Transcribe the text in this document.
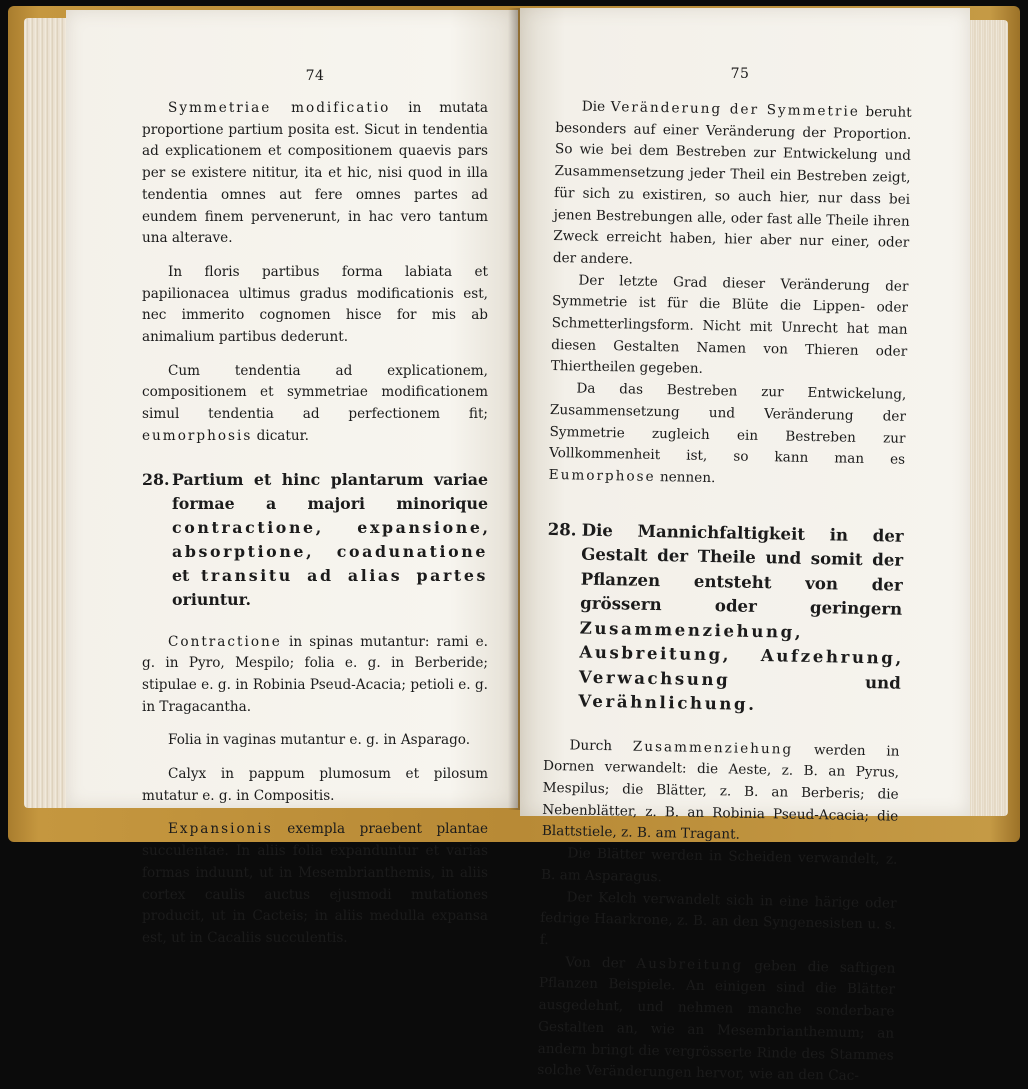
74

Symmetriae modificatio in mutata proportione partium posita est. Sicut in tendentia ad explicationem et compositionem quaevis pars per se existere nititur, ita et hic, nisi quod in illa tendentia omnes aut fere omnes partes ad eundem finem pervenerunt, in hac vero tantum una alterave.

In floris partibus forma labiata et papilionacea ultimus gradus modificationis est, nec immerito cognomen hisce for mis ab animalium partibus dederunt.

Cum tendentia ad explicationem, compositionem et symmetriae modificationem simul tendentia ad perfectionem fit; eumorphosis dicatur.

28. Partium et hinc plantarum variae formae a majori minorique contractione, expansione, absorptione, coadunatione et transitu ad alias partes oriuntur.

Contractione in spinas mutantur: rami e. g. in Pyro, Mespilo; folia e. g. in Berberide; stipulae e. g. in Robinia Pseud-Acacia; petioli e. g. in Tragacantha.

Folia in vaginas mutantur e. g. in Asparago.

Calyx in pappum plumosum et pilosum mutatur e. g. in Compositis.

Expansionis exempla praebent plantae succulentae. In aliis folia expanduntur et varias formas induunt, ut in Mesembrianthemis, in aliis cortex caulis auctus ejusmodi mutationes producit, ut in Cacteis; in aliis medulla expansa est, ut in Cacaliis succulentis.

75

Die Veränderung der Symmetrie beruht besonders auf einer Veränderung der Proportion. So wie bei dem Bestreben zur Entwickelung und Zusammensetzung jeder Theil ein Bestreben zeigt, für sich zu existiren, so auch hier, nur dass bei jenen Bestrebungen alle, oder fast alle Theile ihren Zweck erreicht haben, hier aber nur einer, oder der andere.

Der letzte Grad dieser Veränderung der Symmetrie ist für die Blüte die Lippen- oder Schmetterlingsform. Nicht mit Unrecht hat man diesen Gestalten Namen von Thieren oder Thiertheilen gegeben.

Da das Bestreben zur Entwickelung, Zusammensetzung und Veränderung der Symmetrie zugleich ein Bestreben zur Vollkommenheit ist, so kann man es Eumorphose nennen.

28. Die Mannichfaltigkeit in der Gestalt der Theile und somit der Pflanzen entsteht von der grössern oder geringern Zusammenziehung, Ausbreitung, Aufzehrung, Verwachsung und Verähnlichung.

Durch Zusammenziehung werden in Dornen verwandelt: die Aeste, z. B. an Pyrus, Mespilus; die Blätter, z. B. an Berberis; die Nebenblätter, z. B. an Robinia Pseud-Acacia; die Blattstiele, z. B. am Tragant.

Die Blätter werden in Scheiden verwandelt, z. B. am Asparagus.

Der Kelch verwandelt sich in eine härige oder fedrige Haarkrone, z. B. an den Syngenesisten u. s. f.

Von der Ausbreitung geben die saftigen Pflanzen Beispiele. An einigen sind die Blätter ausgedehnt, und nehmen manche sonderbare Gestalten an, wie an Mesembrianthemum; an andern bringt die vergrösserte Rinde des Stammes solche Veränderungen hervor, wie an den Cac-
